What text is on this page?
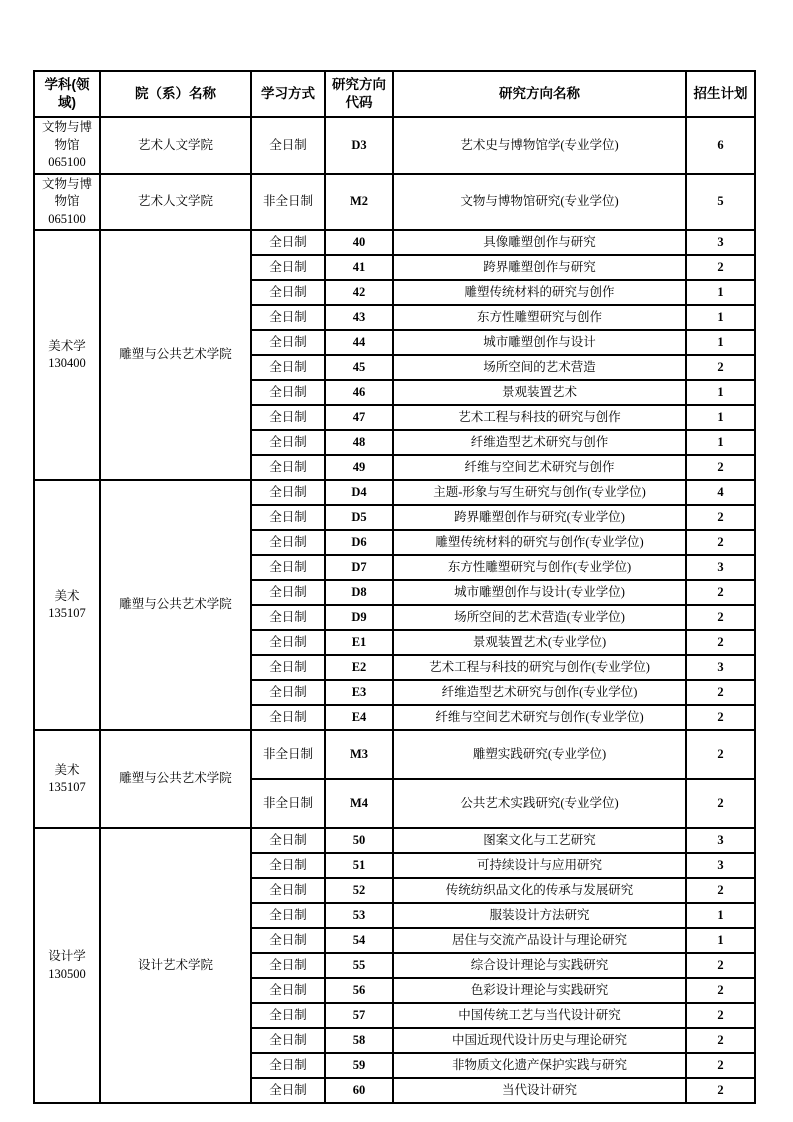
学科(领域)	院（系）名称	学习方式	研究方向代码	研究方向名称	招生计划

文物与博物馆
065100	艺术人文学院	全日制	D3	艺术史与博物馆学(专业学位)	6

文物与博物馆
065100	艺术人文学院	非全日制	M2	文物与博物馆研究(专业学位)	5

美术学
130400	雕塑与公共艺术学院	全日制	40	具像雕塑创作与研究	3
		全日制	41	跨界雕塑创作与研究	2
		全日制	42	雕塑传统材料的研究与创作	1
		全日制	43	东方性雕塑研究与创作	1
		全日制	44	城市雕塑创作与设计	1
		全日制	45	场所空间的艺术营造	2
		全日制	46	景观装置艺术	1
		全日制	47	艺术工程与科技的研究与创作	1
		全日制	48	纤维造型艺术研究与创作	1
		全日制	49	纤维与空间艺术研究与创作	2

美术
135107	雕塑与公共艺术学院	全日制	D4	主题-形象与写生研究与创作(专业学位)	4
		全日制	D5	跨界雕塑创作与研究(专业学位)	2
		全日制	D6	雕塑传统材料的研究与创作(专业学位)	2
		全日制	D7	东方性雕塑研究与创作(专业学位)	3
		全日制	D8	城市雕塑创作与设计(专业学位)	2
		全日制	D9	场所空间的艺术营造(专业学位)	2
		全日制	E1	景观装置艺术(专业学位)	2
		全日制	E2	艺术工程与科技的研究与创作(专业学位)	3
		全日制	E3	纤维造型艺术研究与创作(专业学位)	2
		全日制	E4	纤维与空间艺术研究与创作(专业学位)	2

美术
135107	雕塑与公共艺术学院	非全日制	M3	雕塑实践研究(专业学位)	2
		非全日制	M4	公共艺术实践研究(专业学位)	2

设计学
130500	设计艺术学院	全日制	50	图案文化与工艺研究	3
		全日制	51	可持续设计与应用研究	3
		全日制	52	传统纺织品文化的传承与发展研究	2
		全日制	53	服装设计方法研究	1
		全日制	54	居住与交流产品设计与理论研究	1
		全日制	55	综合设计理论与实践研究	2
		全日制	56	色彩设计理论与实践研究	2
		全日制	57	中国传统工艺与当代设计研究	2
		全日制	58	中国近现代设计历史与理论研究	2
		全日制	59	非物质文化遗产保护实践与研究	2
		全日制	60	当代设计研究	2
